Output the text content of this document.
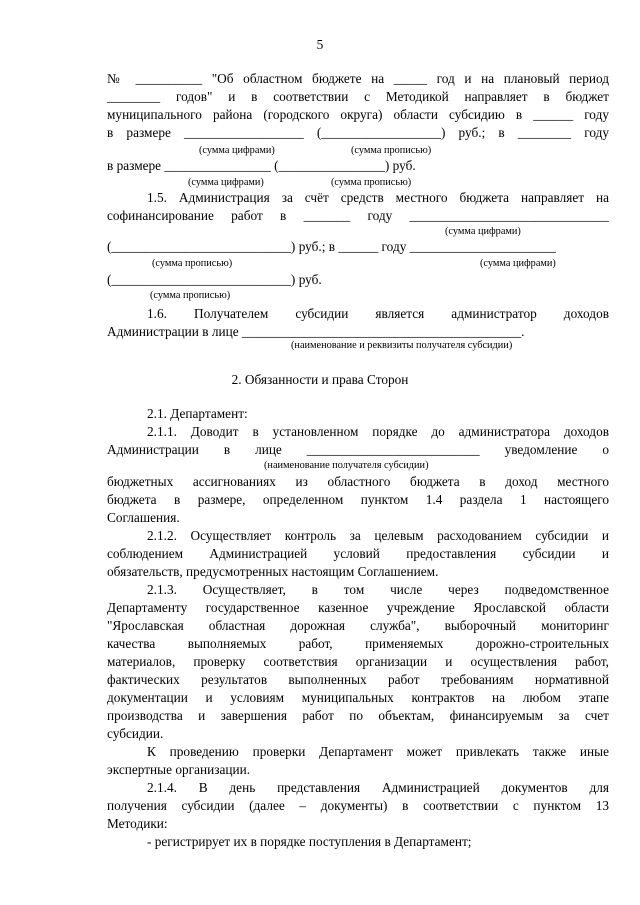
5
№ __________ "Об областном бюджете на _____ год и на плановый период
________ годов" и в соответствии с Методикой направляет в бюджет
муниципального района (городского округа) области субсидию в ______ году
в размере __________________ (__________________) руб.; в ________ году
(сумма цифрами)	(сумма прописью)
в размере ________________ (________________) руб.
(сумма цифрами)	(сумма прописью)
1.5. Администрация за счёт средств местного бюджета направляет на
софинансирование работ в _______ году ______________________________
(сумма цифрами)
(___________________________) руб.; в ______ году ______________________
(сумма прописью)	(сумма цифрами)
(___________________________) руб.
(сумма прописью)
1.6. Получателем субсидии является администратор доходов
Администрации в лице __________________________________________.
(наименование и реквизиты получателя субсидии)
2. Обязанности и права Сторон
2.1. Департамент:
2.1.1. Доводит в установленном порядке до администратора доходов
Администрации в лице __________________________ уведомление о
(наименование получателя субсидии)
бюджетных ассигнованиях из областного бюджета в доход местного
бюджета в размере, определенном пунктом 1.4 раздела 1 настоящего
Соглашения.
2.1.2. Осуществляет контроль за целевым расходованием субсидии и
соблюдением Администрацией условий предоставления субсидии и
обязательств, предусмотренных настоящим Соглашением.
2.1.3. Осуществляет, в том числе через подведомственное
Департаменту государственное казенное учреждение Ярославской области
"Ярославская областная дорожная служба", выборочный мониторинг
качества выполняемых работ, применяемых дорожно-строительных
материалов, проверку соответствия организации и осуществления работ,
фактических результатов выполненных работ требованиям нормативной
документации и условиям муниципальных контрактов на любом этапе
производства и завершения работ по объектам, финансируемым за счет
субсидии.
К проведению проверки Департамент может привлекать также иные
экспертные организации.
2.1.4. В день представления Администрацией документов для
получения субсидии (далее – документы) в соответствии с пунктом 13
Методики:
- регистрирует их в порядке поступления в Департамент;
